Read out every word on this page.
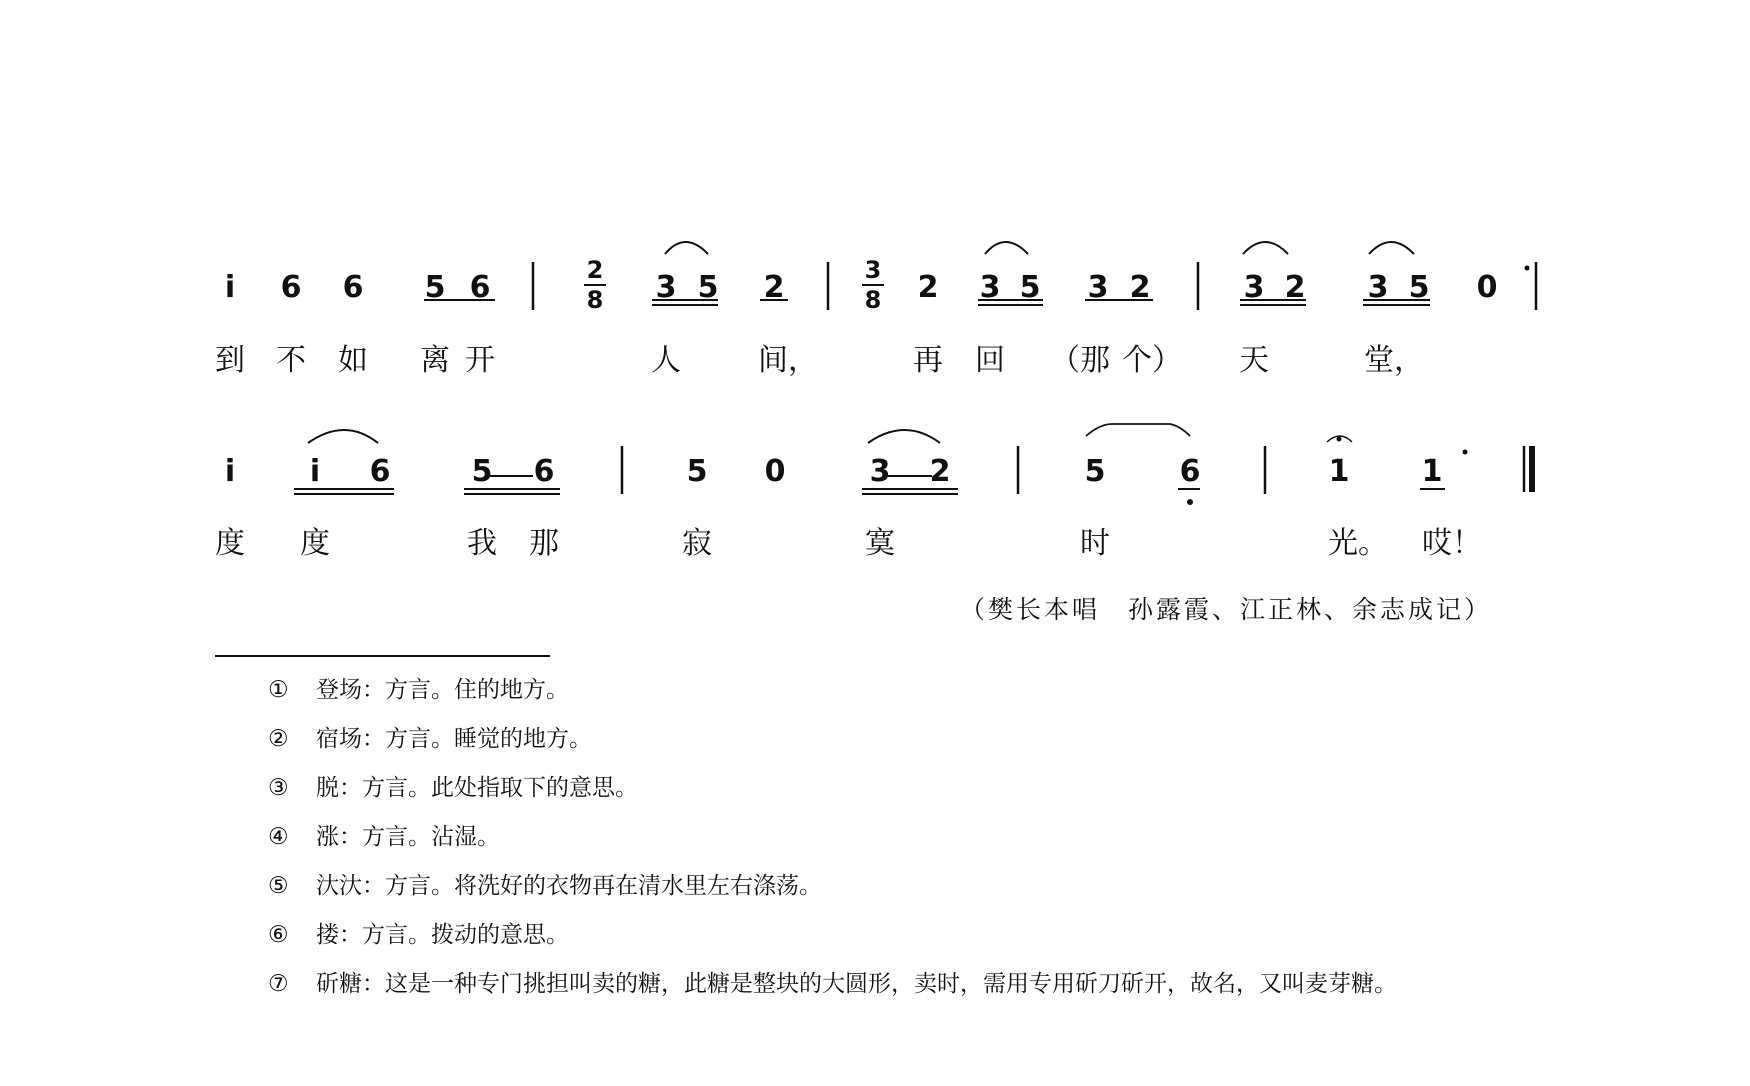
i 6 6 5 6	2
8 3 5 2	3
8 2 3 5 3 2	3 2 3 5 0
到 不 如 离 开	人	间，	再 回 （那 个） 天	堂，
i i 6	5 6	5 0	3 2	5 6	1 1
度 度	我 那	寂	寞	时	光。 哎！
（樊长本唱　孙露霞、江正林、余志成记）
① 登场：方言。住的地方。
② 宿场：方言。睡觉的地方。
③ 脱：方言。此处指取下的意思。
④ 涨：方言。沾湿。
⑤ 汏汏：方言。将洗好的衣物再在清水里左右涤荡。
⑥ 搂：方言。拨动的意思。
⑦ 斫糖：这是一种专门挑担叫卖的糖，此糖是整块的大圆形，卖时，需用专用斫刀斫开，故名，又叫麦芽糖。
